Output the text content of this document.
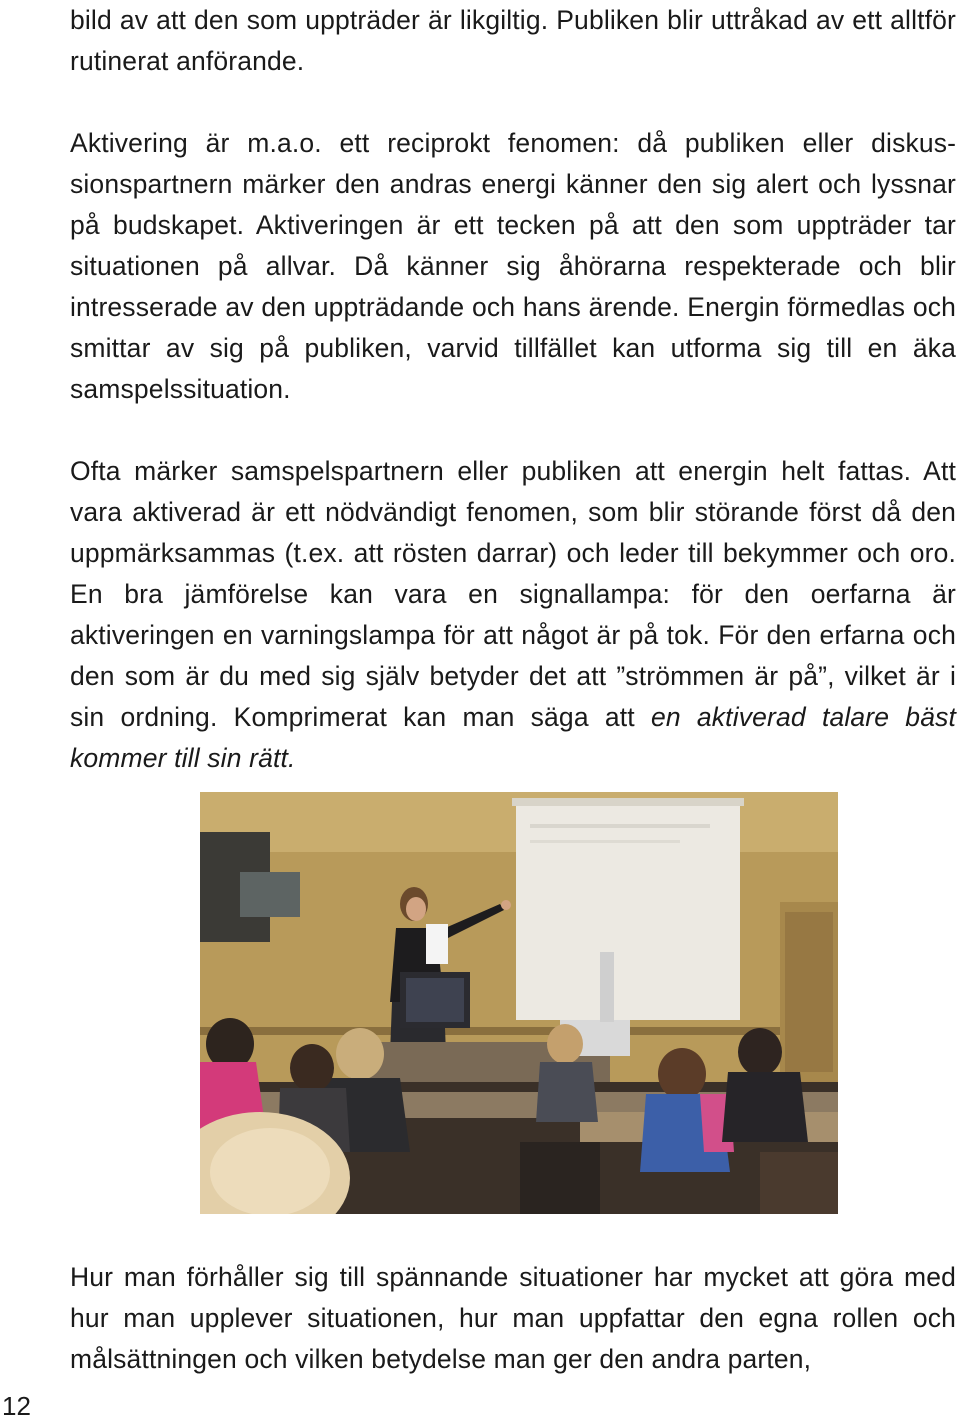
bild av att den som uppträder är likgiltig. Publiken blir uttråkad av ett alltför rutinerat anförande.

Aktivering är m.a.o. ett reciprokt fenomen: då publiken eller diskussionspartnern märker den andras energi känner den sig alert och lyssnar på budskapet. Aktiveringen är ett tecken på att den som uppträder tar situationen på allvar. Då känner sig åhörarna respekterade och blir intresserade av den uppträdande och hans ärende. Energin förmedlas och smittar av sig på publiken, varvid tillfället kan utforma sig till en äka samspelssituation.

Ofta märker samspelspartnern eller publiken att energin helt fattas. Att vara aktiverad är ett nödvändigt fenomen, som blir störande först då den uppmärksammas (t.ex. att rösten darrar) och leder till bekymmer och oro. En bra jämförelse kan vara en signallampa: för den oerfarna är aktiveringen en varningslampa för att något är på tok. För den erfarna och den som är du med sig själv betyder det att ”strömmen är på”, vilket är i sin ordning. Komprimerat kan man säga att en aktiverad talare bäst kommer till sin rätt.

Hur man förhåller sig till spännande situationer har mycket att göra med hur man upplever situationen, hur man uppfattar den egna rollen och målsättningen och vilken betydelse man ger den andra parten,

12
